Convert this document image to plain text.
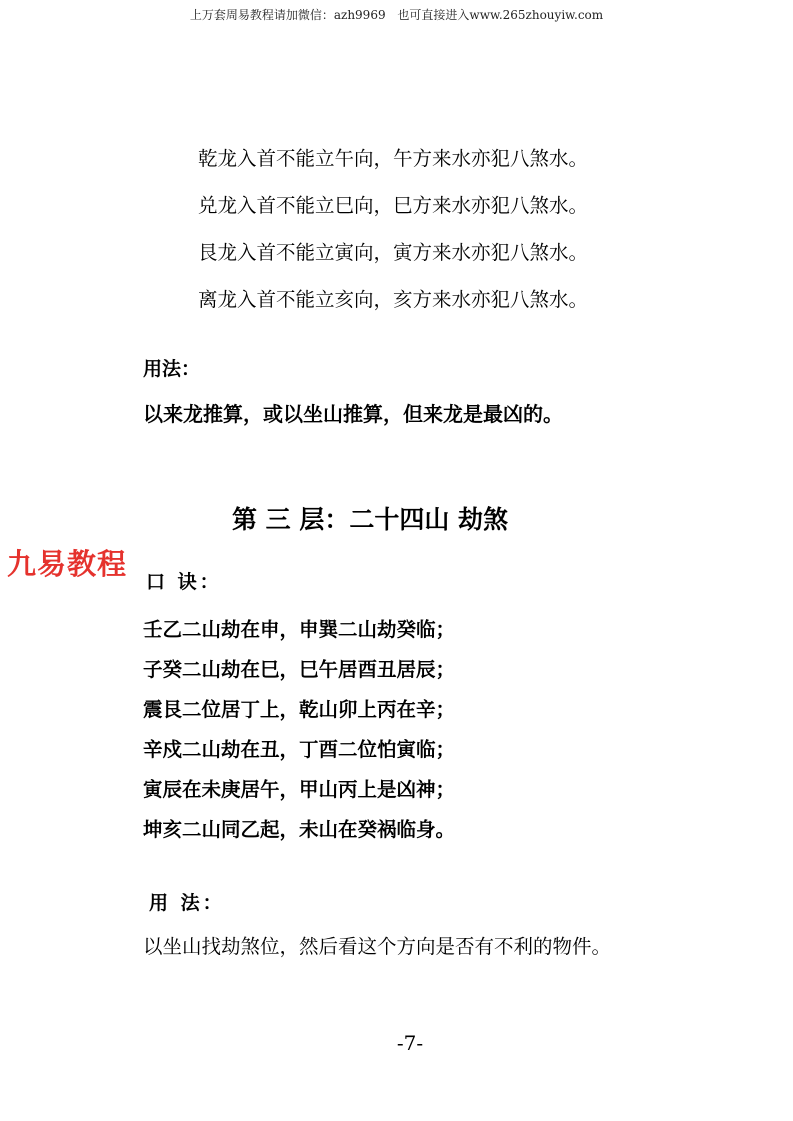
上万套周易教程请加微信：azh9969 也可直接进入www.265zhouyiw.com
乾龙入首不能立午向，午方来水亦犯八煞水。
兑龙入首不能立巳向，巳方来水亦犯八煞水。
艮龙入首不能立寅向，寅方来水亦犯八煞水。
离龙入首不能立亥向，亥方来水亦犯八煞水。
用法：
以来龙推算，或以坐山推算，但来龙是最凶的。
第 三 层：二十四山 劫煞
九易教程
口 诀：
壬乙二山劫在申，申巽二山劫癸临；
子癸二山劫在巳，巳午居酉丑居辰；
震艮二位居丁上，乾山卯上丙在辛；
辛戍二山劫在丑，丁酉二位怕寅临；
寅辰在未庚居午，甲山丙上是凶神；
坤亥二山同乙起，未山在癸祸临身。
用 法：
以坐山找劫煞位，然后看这个方向是否有不利的物件。
-7-
